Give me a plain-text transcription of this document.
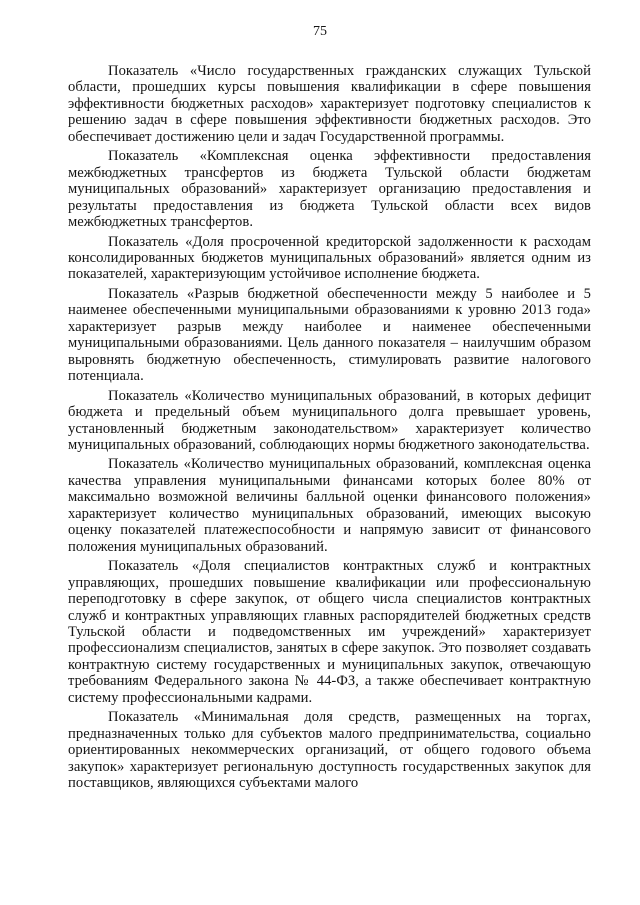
75

Показатель «Число государственных гражданских служащих Тульской области, прошедших курсы повышения квалификации в сфере повышения эффективности бюджетных расходов» характеризует подготовку специалистов к решению задач в сфере повышения эффективности бюджетных расходов. Это обеспечивает достижению цели и задач Государственной программы.

Показатель «Комплексная оценка эффективности предоставления межбюджетных трансфертов из бюджета Тульской области бюджетам муниципальных образований» характеризует организацию предоставления и результаты предоставления из бюджета Тульской области всех видов межбюджетных трансфертов.

Показатель «Доля просроченной кредиторской задолженности к расходам консолидированных бюджетов муниципальных образований» является одним из показателей, характеризующим устойчивое исполнение бюджета.

Показатель «Разрыв бюджетной обеспеченности между 5 наиболее и 5 наименее обеспеченными муниципальными образованиями к уровню 2013 года» характеризует разрыв между наиболее и наименее обеспеченными муниципальными образованиями. Цель данного показателя – наилучшим образом выровнять бюджетную обеспеченность, стимулировать развитие налогового потенциала.

Показатель «Количество муниципальных образований, в которых дефицит бюджета и предельный объем муниципального долга превышает уровень, установленный бюджетным законодательством» характеризует количество муниципальных образований, соблюдающих нормы бюджетного законодательства.

Показатель «Количество муниципальных образований, комплексная оценка качества управления муниципальными финансами которых более 80% от максимально возможной величины балльной оценки финансового положения» характеризует количество муниципальных образований, имеющих высокую оценку показателей платежеспособности и напрямую зависит от финансового положения муниципальных образований.

Показатель «Доля специалистов контрактных служб и контрактных управляющих, прошедших повышение квалификации или профессиональную переподготовку в сфере закупок, от общего числа специалистов контрактных служб и контрактных управляющих главных распорядителей бюджетных средств Тульской области и подведомственных им учреждений» характеризует профессионализм специалистов, занятых в сфере закупок. Это позволяет создавать контрактную систему государственных и муниципальных закупок, отвечающую требованиям Федерального закона № 44-ФЗ, а также обеспечивает контрактную систему профессиональными кадрами.

Показатель «Минимальная доля средств, размещенных на торгах, предназначенных только для субъектов малого предпринимательства, социально ориентированных некоммерческих организаций, от общего годового объема закупок» характеризует региональную доступность государственных закупок для поставщиков, являющихся субъектами малого
